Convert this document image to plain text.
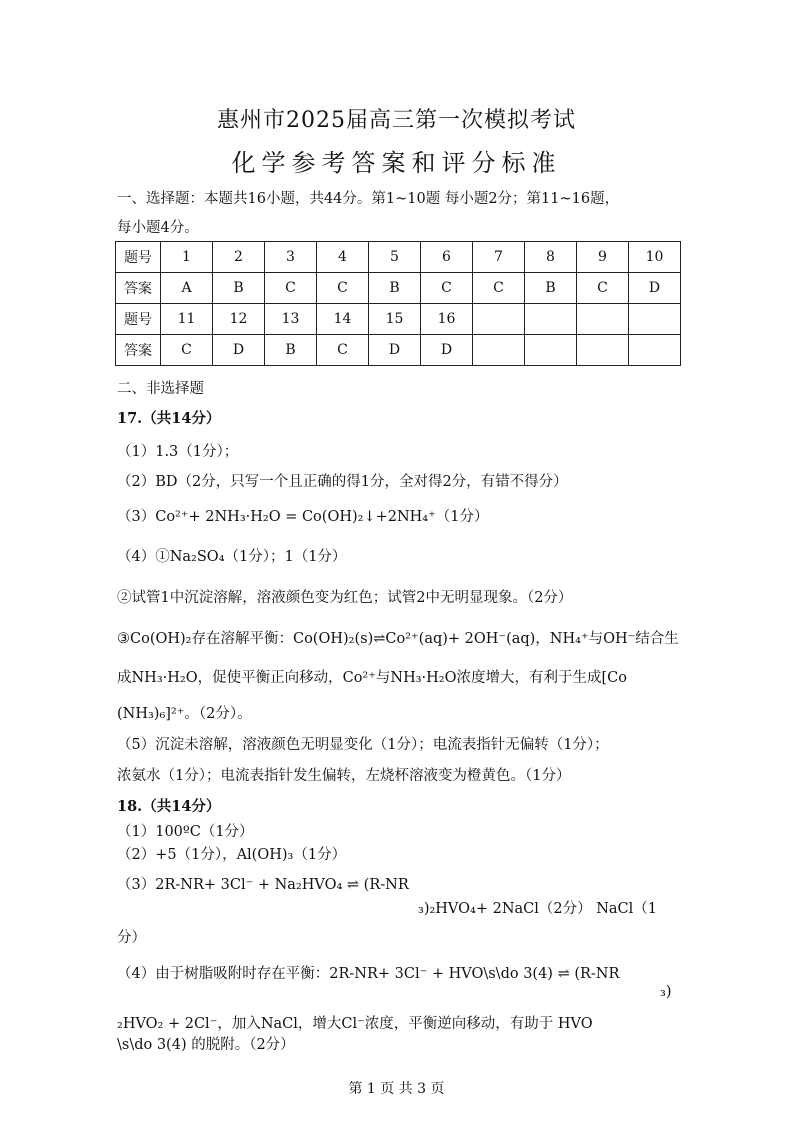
惠州市2025届高三第一次模拟考试
化学参考答案和评分标准
一、选择题：本题共16小题，共44分。第1~10题 每小题2分；第11~16题，
每小题4分。
题号	1	2	3	4	5	6	7	8	9	10
答案	A	B	C	C	B	C	C	B	C	D
题号	11	12	13	14	15	16				
答案	C	D	B	C	D	D				
二、非选择题
17.（共14分）
（1）1.3（1分）；
（2）BD（2分，只写一个且正确的得1分，全对得2分，有错不得分）
（3）Co²⁺+ 2NH₃·H₂O = Co(OH)₂↓+2NH₄⁺（1分）
（4）①Na₂SO₄（1分）；1（1分）
②试管1中沉淀溶解，溶液颜色变为红色；试管2中无明显现象。（2分）
③Co(OH)₂存在溶解平衡：Co(OH)₂(s)⇌Co²⁺(aq)+ 2OH⁻(aq)，NH₄⁺与OH⁻结合生
成NH₃·H₂O，促使平衡正向移动，Co²⁺与NH₃·H₂O浓度增大，有利于生成[Co
(NH₃)₆]²⁺。（2分）。
（5）沉淀未溶解，溶液颜色无明显变化（1分）；电流表指针无偏转（1分）；
浓氨水（1分）；电流表指针发生偏转，左烧杯溶液变为橙黄色。（1分）
18.（共14分）
（1）100ºC（1分）
（2）+5（1分），Al(OH)₃（1分）
（3）2R-NR+ 3Cl⁻ + Na₂HVO₄ ⇌ (R-NR
₃)₂HVO₄+ 2NaCl（2分） NaCl（1
分）
（4）由于树脂吸附时存在平衡：2R-NR+ 3Cl⁻ + HVO\s\do 3(4) ⇌ (R-NR
₃)
₂HVO₂ + 2Cl⁻，加入NaCl，增大Cl⁻浓度，平衡逆向移动，有助于 HVO
\s\do 3(4) 的脱附。（2分）
第 1 页 共 3 页
